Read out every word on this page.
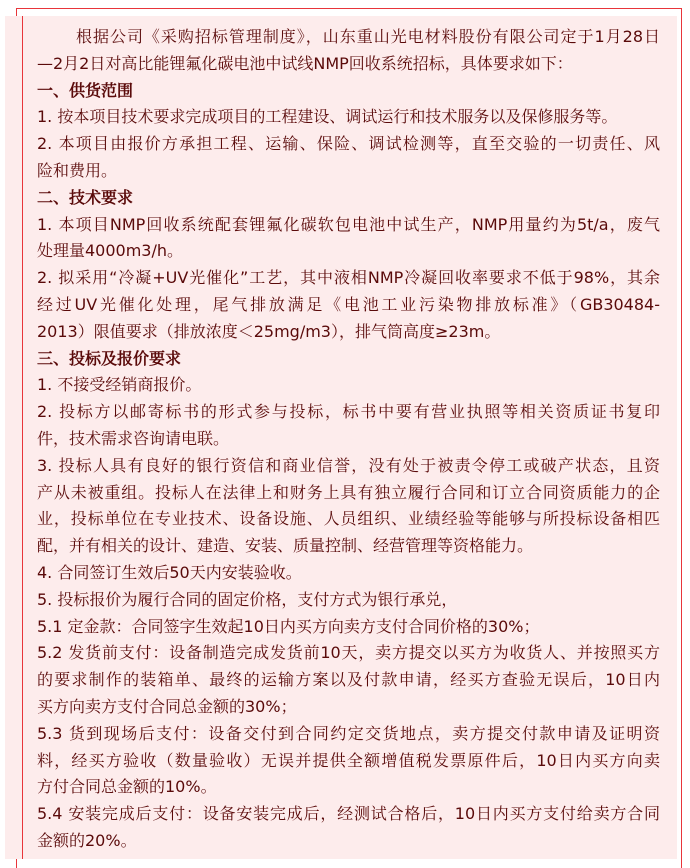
根据公司《采购招标管理制度》，山东重山光电材料股份有限公司定于1月28日
—2月2日对高比能锂氟化碳电池中试线NMP回收系统招标，具体要求如下：
一、供货范围
1. 按本项目技术要求完成项目的工程建设、调试运行和技术服务以及保修服务等。
2. 本项目由报价方承担工程、运输、保险、调试检测等，直至交验的一切责任、风
险和费用。
二、技术要求
1. 本项目NMP回收系统配套锂氟化碳软包电池中试生产，NMP用量约为5t/a，废气
处理量4000m3/h。
2. 拟采用“冷凝+UV光催化”工艺，其中液相NMP冷凝回收率要求不低于98%，其余
经过UV光催化处理，尾气排放满足《电池工业污染物排放标准》（GB30484-
2013）限值要求（排放浓度＜25mg/m3），排气筒高度≥23m。
三、投标及报价要求
1. 不接受经销商报价。
2. 投标方以邮寄标书的形式参与投标，标书中要有营业执照等相关资质证书复印
件，技术需求咨询请电联。
3. 投标人具有良好的银行资信和商业信誉，没有处于被责令停工或破产状态，且资
产从未被重组。投标人在法律上和财务上具有独立履行合同和订立合同资质能力的企
业，投标单位在专业技术、设备设施、人员组织、业绩经验等能够与所投标设备相匹
配，并有相关的设计、建造、安装、质量控制、经营管理等资格能力。
4. 合同签订生效后50天内安装验收。
5. 投标报价为履行合同的固定价格，支付方式为银行承兑，
5.1 定金款：合同签字生效起10日内买方向卖方支付合同价格的30%；
5.2 发货前支付：设备制造完成发货前10天，卖方提交以买方为收货人、并按照买方
的要求制作的装箱单、最终的运输方案以及付款申请，经买方查验无误后，10日内
买方向卖方支付合同总金额的30%；
5.3 货到现场后支付：设备交付到合同约定交货地点，卖方提交付款申请及证明资
料，经买方验收（数量验收）无误并提供全额增值税发票原件后，10日内买方向卖
方付合同总金额的10%。
5.4 安装完成后支付：设备安装完成后，经测试合格后，10日内买方支付给卖方合同
金额的20%。
